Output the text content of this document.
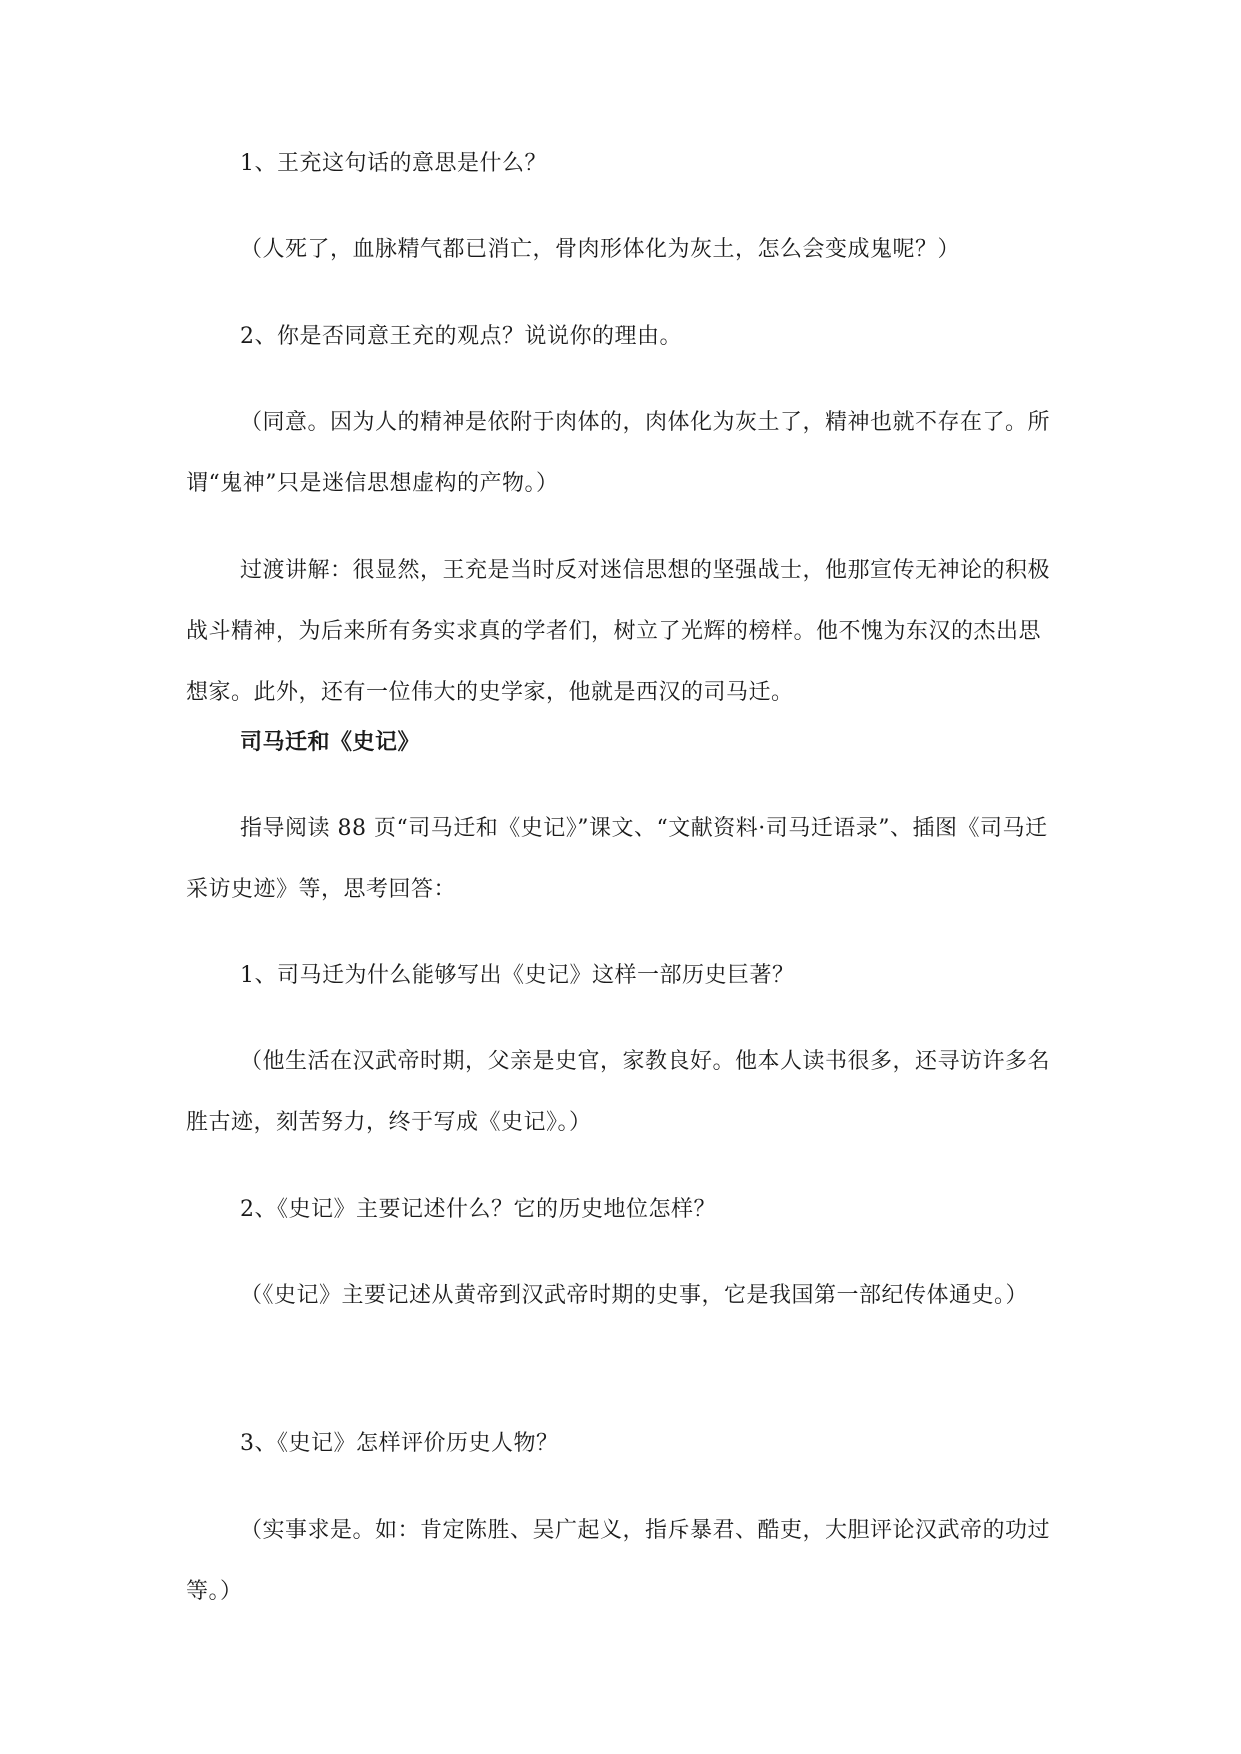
1、王充这句话的意思是什么？

（人死了，血脉精气都已消亡，骨肉形体化为灰土，怎么会变成鬼呢？）

2、你是否同意王充的观点？说说你的理由。

（同意。因为人的精神是依附于肉体的，肉体化为灰土了，精神也就不存在了。所谓“鬼神”只是迷信思想虚构的产物。）

过渡讲解：很显然，王充是当时反对迷信思想的坚强战士，他那宣传无神论的积极战斗精神，为后来所有务实求真的学者们，树立了光辉的榜样。他不愧为东汉的杰出思想家。此外，还有一位伟大的史学家，他就是西汉的司马迁。

司马迁和《史记》

指导阅读 88 页“司马迁和《史记》”课文、“文献资料·司马迁语录”、插图《司马迁采访史迹》等，思考回答：

1、司马迁为什么能够写出《史记》这样一部历史巨著？

（他生活在汉武帝时期，父亲是史官，家教良好。他本人读书很多，还寻访许多名胜古迹，刻苦努力，终于写成《史记》。）

2、《史记》主要记述什么？它的历史地位怎样？

（《史记》主要记述从黄帝到汉武帝时期的史事，它是我国第一部纪传体通史。）

3、《史记》怎样评价历史人物？

（实事求是。如：肯定陈胜、吴广起义，指斥暴君、酷吏，大胆评论汉武帝的功过等。）
